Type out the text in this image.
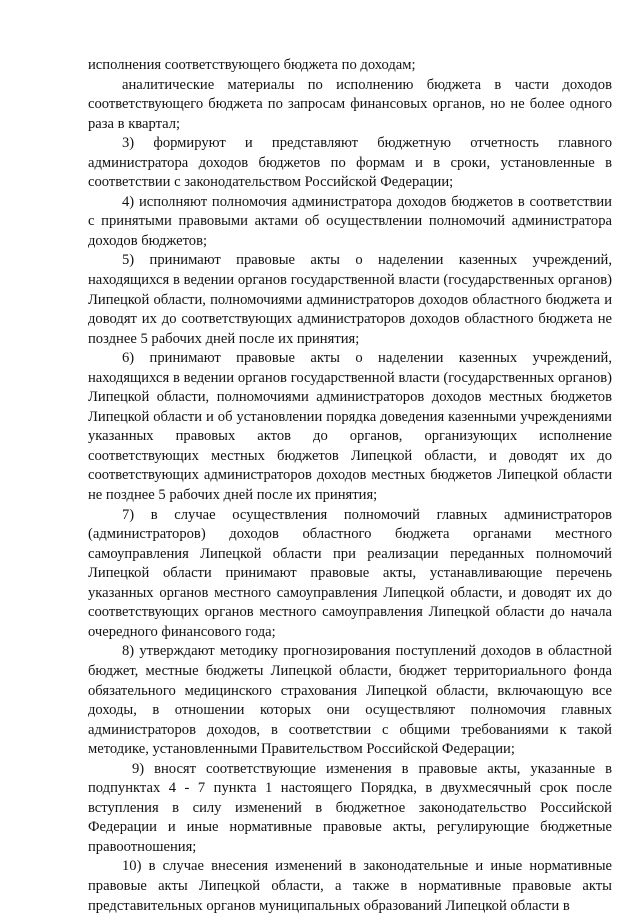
исполнения соответствующего бюджета по доходам;

аналитические материалы по исполнению бюджета в части доходов соответствующего бюджета по запросам финансовых органов, но не более одного раза в квартал;

3) формируют и представляют бюджетную отчетность главного администратора доходов бюджетов по формам и в сроки, установленные в соответствии с законодательством Российской Федерации;

4) исполняют полномочия администратора доходов бюджетов в соответствии с принятыми правовыми актами об осуществлении полномочий администратора доходов бюджетов;

5) принимают правовые акты о наделении казенных учреждений, находящихся в ведении органов государственной власти (государственных органов) Липецкой области, полномочиями администраторов доходов областного бюджета и доводят их до соответствующих администраторов доходов областного бюджета не позднее 5 рабочих дней после их принятия;

6) принимают правовые акты о наделении казенных учреждений, находящихся в ведении органов государственной власти (государственных органов) Липецкой области, полномочиями администраторов доходов местных бюджетов Липецкой области и об установлении порядка доведения казенными учреждениями указанных правовых актов до органов, организующих исполнение соответствующих местных бюджетов Липецкой области, и доводят их до соответствующих администраторов доходов местных бюджетов Липецкой области не позднее 5 рабочих дней после их принятия;

7) в случае осуществления полномочий главных администраторов (администраторов) доходов областного бюджета органами местного самоуправления Липецкой области при реализации переданных полномочий Липецкой области принимают правовые акты, устанавливающие перечень указанных органов местного самоуправления Липецкой области, и доводят их до соответствующих органов местного самоуправления Липецкой области до начала очередного финансового года;

8) утверждают методику прогнозирования поступлений доходов в областной бюджет, местные бюджеты Липецкой области, бюджет территориального фонда обязательного медицинского страхования Липецкой области, включающую все доходы, в отношении которых они осуществляют полномочия главных администраторов доходов, в соответствии с общими требованиями к такой методике, установленными Правительством Российской Федерации;

9) вносят соответствующие изменения в правовые акты, указанные в подпунктах 4 - 7 пункта 1 настоящего Порядка, в двухмесячный срок после вступления в силу изменений в бюджетное законодательство Российской Федерации и иные нормативные правовые акты, регулирующие бюджетные правоотношения;

10) в случае внесения изменений в законодательные и иные нормативные правовые акты Липецкой области, а также в нормативные правовые акты представительных органов муниципальных образований Липецкой области в
